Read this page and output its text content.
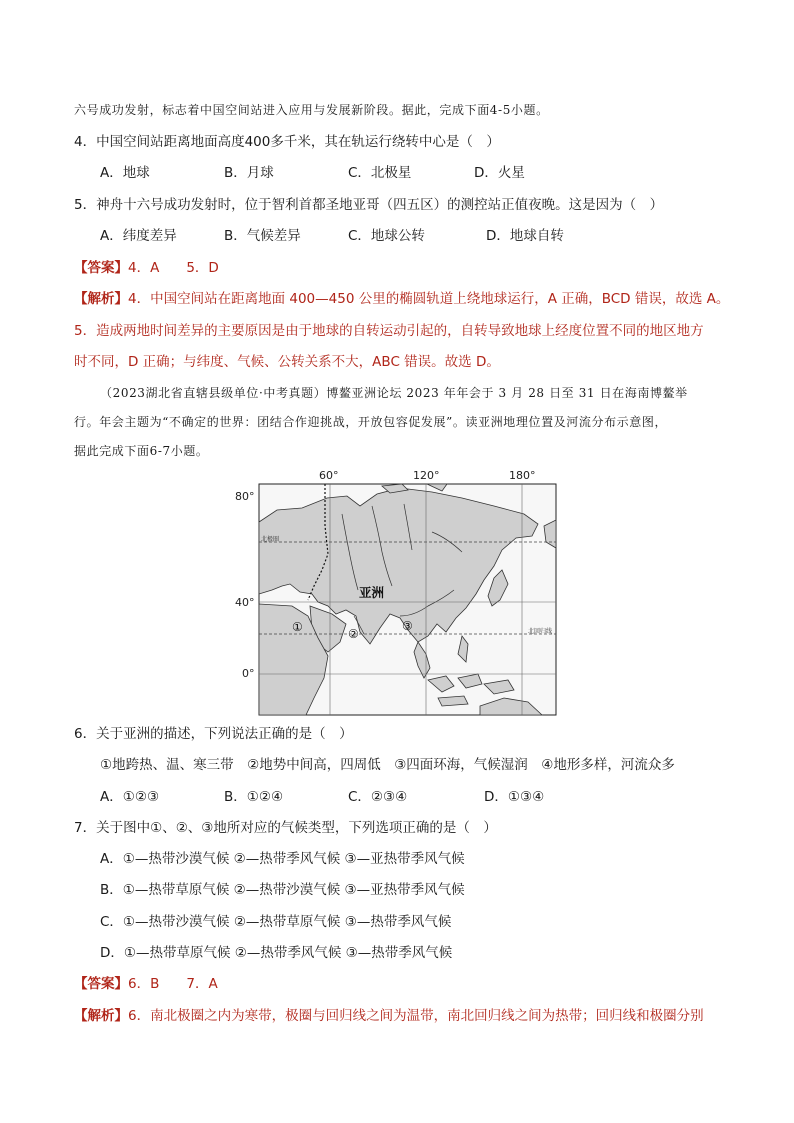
六号成功发射，标志着中国空间站进入应用与发展新阶段。据此，完成下面4-5小题。
4．中国空间站距离地面高度400多千米，其在轨运行绕转中心是（　）
A．地球	B．月球	C．北极星	D．火星
5．神舟十六号成功发射时，位于智利首都圣地亚哥（四五区）的测控站正值夜晚。这是因为（　）
A．纬度差异	B．气候差异	C．地球公转	D．地球自转
【答案】4．A　　5．D
【解析】4．中国空间站在距离地面 400—450 公里的椭圆轨道上绕地球运行，A 正确，BCD 错误，故选 A。
5．造成两地时间差异的主要原因是由于地球的自转运动引起的，自转导致地球上经度位置不同的地区地方
时不同，D 正确；与纬度、气候、公转关系不大，ABC 错误。故选 D。
（2023湖北省直辖县级单位·中考真题）博鳌亚洲论坛 2023 年年会于 3 月 28 日至 31 日在海南博鳌举
行。年会主题为“不确定的世界：团结合作迎挑战，开放包容促发展”。读亚洲地理位置及河流分布示意图，
据此完成下面6-7小题。
60°	120°	180°
80°
40°
0°
北极圈
北回归线
亚洲
①	②
③
6．关于亚洲的描述，下列说法正确的是（　）
①地跨热、温、寒三带　②地势中间高，四周低　③四面环海，气候湿润　④地形多样，河流众多
A．①②③	B．①②④	C．②③④	D．①③④
7．关于图中①、②、③地所对应的气候类型，下列选项正确的是（　）
A．①—热带沙漠气候 ②—热带季风气候 ③—亚热带季风气候
B．①—热带草原气候 ②—热带沙漠气候 ③—亚热带季风气候
C．①—热带沙漠气候 ②—热带草原气候 ③—热带季风气候
D．①—热带草原气候 ②—热带季风气候 ③—热带季风气候
【答案】6．B　　7．A
【解析】6．南北极圈之内为寒带，极圈与回归线之间为温带，南北回归线之间为热带；回归线和极圈分别
